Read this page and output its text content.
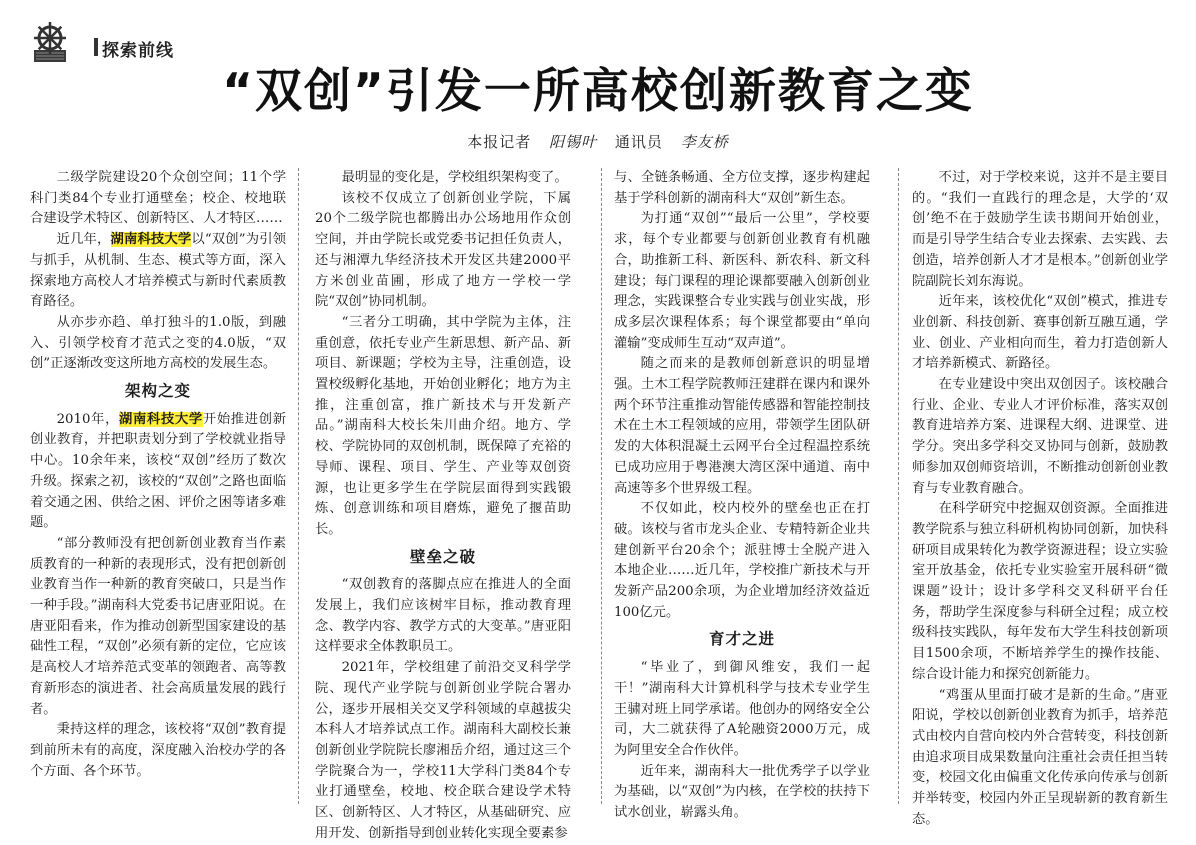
探索前线
“双创”引发一所高校创新教育之变
本报记者 阳锡叶 通讯员 李友桥

二级学院建设20个众创空间；11个学科门类84个专业打通壁垒；校企、校地联合建设学术特区、创新特区、人才特区……

近几年，湖南科技大学以“双创”为引领与抓手，从机制、生态、模式等方面，深入探索地方高校人才培养模式与新时代素质教育路径。

从亦步亦趋、单打独斗的1.0版，到融入、引领学校育才范式之变的4.0版，“双创”正逐渐改变这所地方高校的发展生态。

架构之变

2010年，湖南科技大学开始推进创新创业教育，并把职责划分到了学校就业指导中心。10余年来，该校“双创”经历了数次升级。探索之初，该校的“双创”之路也面临着交通之困、供给之困、评价之困等诸多难题。

“部分教师没有把创新创业教育当作素质教育的一种新的表现形式，没有把创新创业教育当作一种新的教育突破口，只是当作一种手段。”湖南科大党委书记唐亚阳说。在唐亚阳看来，作为推动创新型国家建设的基础性工程，“双创”必须有新的定位，它应该是高校人才培养范式变革的领跑者、高等教育新形态的演进者、社会高质量发展的践行者。

秉持这样的理念，该校将“双创”教育提到前所未有的高度，深度融入治校办学的各个方面、各个环节。

最明显的变化是，学校组织架构变了。

该校不仅成立了创新创业学院，下属20个二级学院也都腾出办公场地用作众创空间，并由学院长或党委书记担任负责人，还与湘潭九华经济技术开发区共建2000平方米创业苗圃，形成了地方一学校一学院“双创”协同机制。

“三者分工明确，其中学院为主体，注重创意，依托专业产生新思想、新产品、新项目、新课题；学校为主导，注重创造，设置校级孵化基地，开始创业孵化；地方为主推，注重创富，推广新技术与开发新产品。”湖南科大校长朱川曲介绍。地方、学校、学院协同的双创机制，既保障了充裕的导师、课程、项目、学生、产业等双创资源，也让更多学生在学院层面得到实践锻炼、创意训练和项目磨炼，避免了揠苗助长。

壁垒之破

“双创教育的落脚点应在推进人的全面发展上，我们应该树牢目标，推动教育理念、教学内容、教学方式的大变革。”唐亚阳这样要求全体教职员工。

2021年，学校组建了前沿交叉科学学院、现代产业学院与创新创业学院合署办公，逐步开展相关交叉学科领域的卓越拔尖本科人才培养试点工作。湖南科大副校长兼创新创业学院院长廖湘岳介绍，通过这三个学院聚合为一，学校11大学科门类84个专业打通壁垒，校地、校企联合建设学术特区、创新特区、人才特区，从基础研究、应用开发、创新指导到创业转化实现全要素参

与、全链条畅通、全方位支撑，逐步构建起基于学科创新的湖南科大“双创”新生态。

为打通“双创”“最后一公里”，学校要求，每个专业都要与创新创业教育有机融合，助推新工科、新医科、新农科、新文科建设；每门课程的理论课都要融入创新创业理念，实践课整合专业实践与创业实战，形成多层次课程体系；每个课堂都要由“单向灌输”变成师生互动“双声道”。

随之而来的是教师创新意识的明显增强。土木工程学院教师汪建群在课内和课外两个环节注重推动智能传感器和智能控制技术在土木工程领域的应用，带领学生团队研发的大体积混凝土云网平台全过程温控系统已成功应用于粤港澳大湾区深中通道、南中高速等多个世界级工程。

不仅如此，校内校外的壁垒也正在打破。该校与省市龙头企业、专精特新企业共建创新平台20余个；派驻博士全脱产进入本地企业……近几年，学校推广新技术与开发新产品200余项，为企业增加经济效益近100亿元。

育才之进

“毕业了，到御风维安，我们一起干！”湖南科大计算机科学与技术专业学生王骕对班上同学承诺。他创办的网络安全公司，大二就获得了A轮融资2000万元，成为阿里安全合作伙伴。

近年来，湖南科大一批优秀学子以学业为基础，以“双创”为内核，在学校的扶持下试水创业，崭露头角。

不过，对于学校来说，这并不是主要目的。“我们一直践行的理念是，大学的‘双创’绝不在于鼓励学生读书期间开始创业，而是引导学生结合专业去探索、去实践、去创造，培养创新人才才是根本。”创新创业学院副院长刘东海说。

近年来，该校优化“双创”模式，推进专业创新、科技创新、赛事创新互融互通，学业、创业、产业相向而生，着力打造创新人才培养新模式、新路径。

在专业建设中突出双创因子。该校融合行业、企业、专业人才评价标准，落实双创教育进培养方案、进课程大纲、进课堂、进学分。突出多学科交叉协同与创新，鼓励教师参加双创师资培训，不断推动创新创业教育与专业教育融合。

在科学研究中挖掘双创资源。全面推进教学院系与独立科研机构协同创新，加快科研项目成果转化为教学资源进程；设立实验室开放基金，依托专业实验室开展科研“微课题”设计；设计多学科交叉科研平台任务，帮助学生深度参与科研全过程；成立校级科技实践队，每年发布大学生科技创新项目1500余项，不断培养学生的操作技能、综合设计能力和探究创新能力。

“鸡蛋从里面打破才是新的生命。”唐亚阳说，学校以创新创业教育为抓手，培养范式由校内自营向校内外合营转变，科技创新由追求项目成果数量向注重社会责任担当转变，校园文化由偏重文化传承向传承与创新并举转变，校园内外正呈现崭新的教育新生态。
